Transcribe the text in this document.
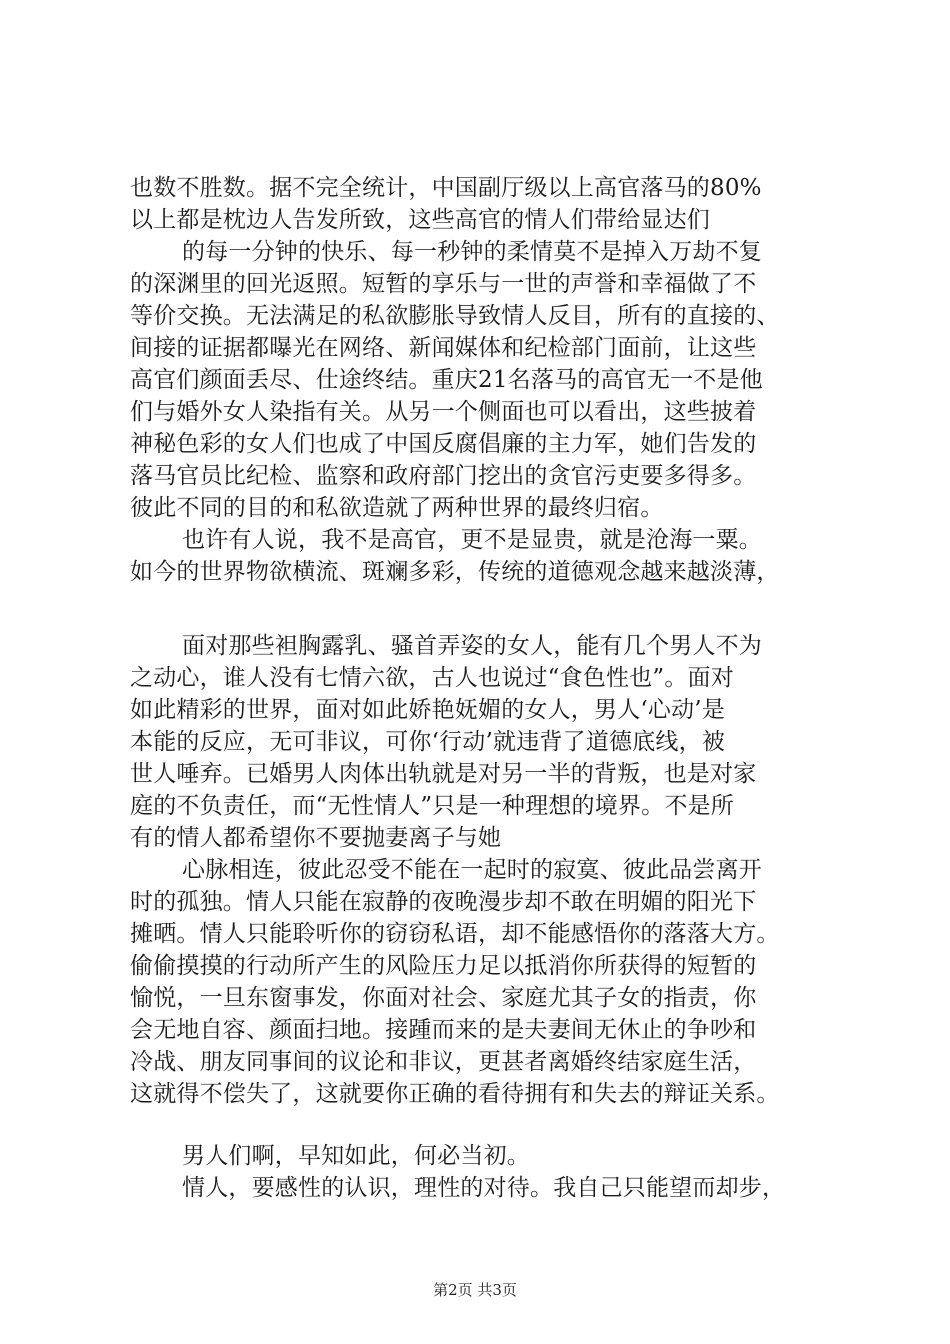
也数不胜数。据不完全统计，中国副厅级以上高官落马的80%
以上都是枕边人告发所致，这些高官的情人们带给显达们
的每一分钟的快乐、每一秒钟的柔情莫不是掉入万劫不复
的深渊里的回光返照。短暂的享乐与一世的声誉和幸福做了不
等价交换。无法满足的私欲膨胀导致情人反目，所有的直接的、
间接的证据都曝光在网络、新闻媒体和纪检部门面前，让这些
高官们颜面丢尽、仕途终结。重庆21名落马的高官无一不是他
们与婚外女人染指有关。从另一个侧面也可以看出，这些披着
神秘色彩的女人们也成了中国反腐倡廉的主力军，她们告发的
落马官员比纪检、监察和政府部门挖出的贪官污吏要多得多。
彼此不同的目的和私欲造就了两种世界的最终归宿。
也许有人说，我不是高官，更不是显贵，就是沧海一粟。
如今的世界物欲横流、斑斓多彩，传统的道德观念越来越淡薄，
面对那些袒胸露乳、骚首弄姿的女人，能有几个男人不为
之动心，谁人没有七情六欲，古人也说过“食色性也”。面对
如此精彩的世界，面对如此娇艳妩媚的女人，男人‘心动’是
本能的反应，无可非议，可你‘行动’就违背了道德底线，被
世人唾弃。已婚男人肉体出轨就是对另一半的背叛，也是对家
庭的不负责任，而“无性情人”只是一种理想的境界。不是所
有的情人都希望你不要抛妻离子与她
心脉相连，彼此忍受不能在一起时的寂寞、彼此品尝离开
时的孤独。情人只能在寂静的夜晚漫步却不敢在明媚的阳光下
摊晒。情人只能聆听你的窃窃私语，却不能感悟你的落落大方。
偷偷摸摸的行动所产生的风险压力足以抵消你所获得的短暂的
愉悦，一旦东窗事发，你面对社会、家庭尤其子女的指责，你
会无地自容、颜面扫地。接踵而来的是夫妻间无休止的争吵和
冷战、朋友同事间的议论和非议，更甚者离婚终结家庭生活，
这就得不偿失了，这就要你正确的看待拥有和失去的辩证关系。
男人们啊，早知如此，何必当初。
情人，要感性的认识，理性的对待。我自己只能望而却步，
第2页 共3页
